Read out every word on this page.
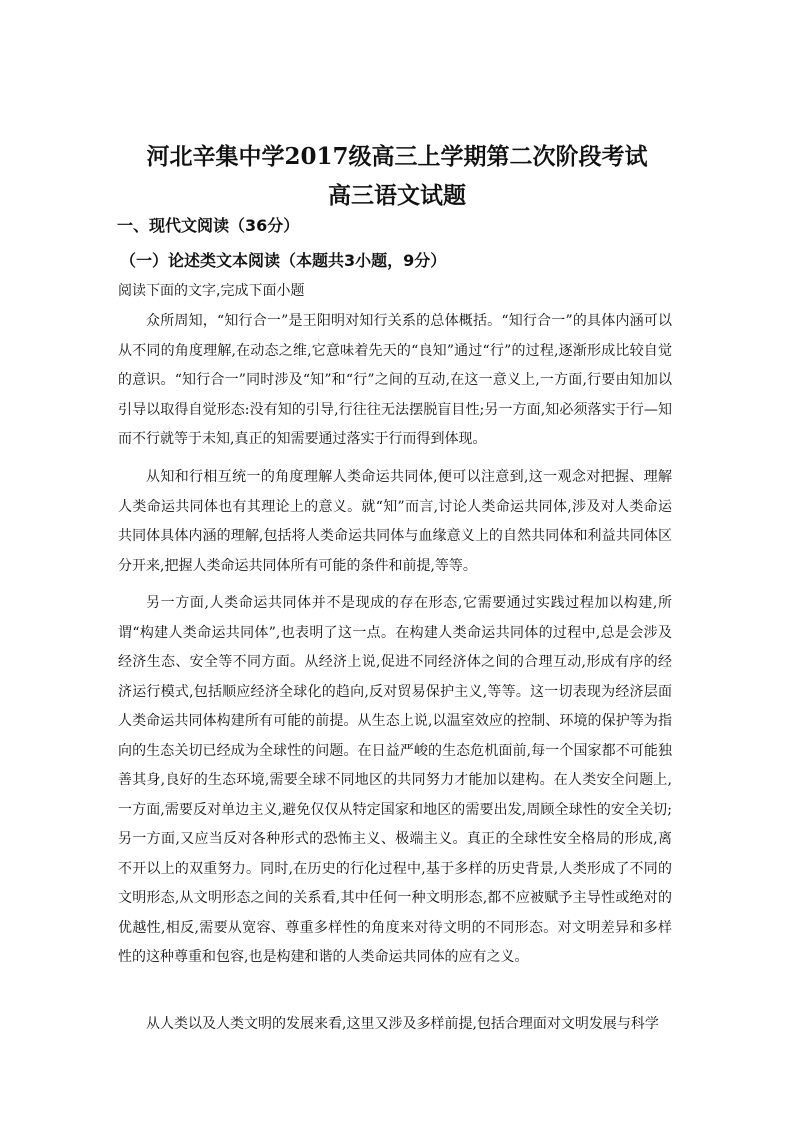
河北辛集中学2017级高三上学期第二次阶段考试
高三语文试题
一、现代文阅读（36分）
（一）论述类文本阅读（本题共3小题，9分）
阅读下面的文字,完成下面小题

众所周知，“知行合一”是王阳明对知行关系的总体概括。“知行合一”的具体内涵可以从不同的角度理解,在动态之维,它意味着先天的“良知”通过“行”的过程,逐渐形成比较自觉的意识。“知行合一”同时涉及“知”和“行”之间的互动,在这一意义上,一方面,行要由知加以引导以取得自觉形态:没有知的引导,行往往无法摆脱盲目性;另一方面,知必须落实于行—知而不行就等于未知,真正的知需要通过落实于行而得到体现。

从知和行相互统一的角度理解人类命运共同体,便可以注意到,这一观念对把握、理解人类命运共同体也有其理论上的意义。就“知”而言,讨论人类命运共同体,涉及对人类命运共同体具体内涵的理解,包括将人类命运共同体与血缘意义上的自然共同体和利益共同体区分开来,把握人类命运共同体所有可能的条件和前提,等等。

另一方面,人类命运共同体并不是现成的存在形态,它需要通过实践过程加以构建,所谓“构建人类命运共同体”,也表明了这一点。在构建人类命运共同体的过程中,总是会涉及经济生态、安全等不同方面。从经济上说,促进不同经济体之间的合理互动,形成有序的经济运行模式,包括顺应经济全球化的趋向,反对贸易保护主义,等等。这一切表现为经济层面人类命运共同体构建所有可能的前提。从生态上说,以温室效应的控制、环境的保护等为指向的生态关切已经成为全球性的问题。在日益严峻的生态危机面前,每一个国家都不可能独善其身,良好的生态环境,需要全球不同地区的共同努力才能加以建构。在人类安全问题上,一方面,需要反对单边主义,避免仅仅从特定国家和地区的需要出发,周顾全球性的安全关切;另一方面,又应当反对各种形式的恐怖主义、极端主义。真正的全球性安全格局的形成,离不开以上的双重努力。同时,在历史的行化过程中,基于多样的历史背景,人类形成了不同的文明形态,从文明形态之间的关系看,其中任何一种文明形态,都不应被赋予主导性或绝对的优越性,相反,需要从宽容、尊重多样性的角度来对待文明的不同形态。对文明差异和多样性的这种尊重和包容,也是构建和谐的人类命运共同体的应有之义。

从人类以及人类文明的发展来看,这里又涉及多样前提,包括合理面对文明发展与科学
